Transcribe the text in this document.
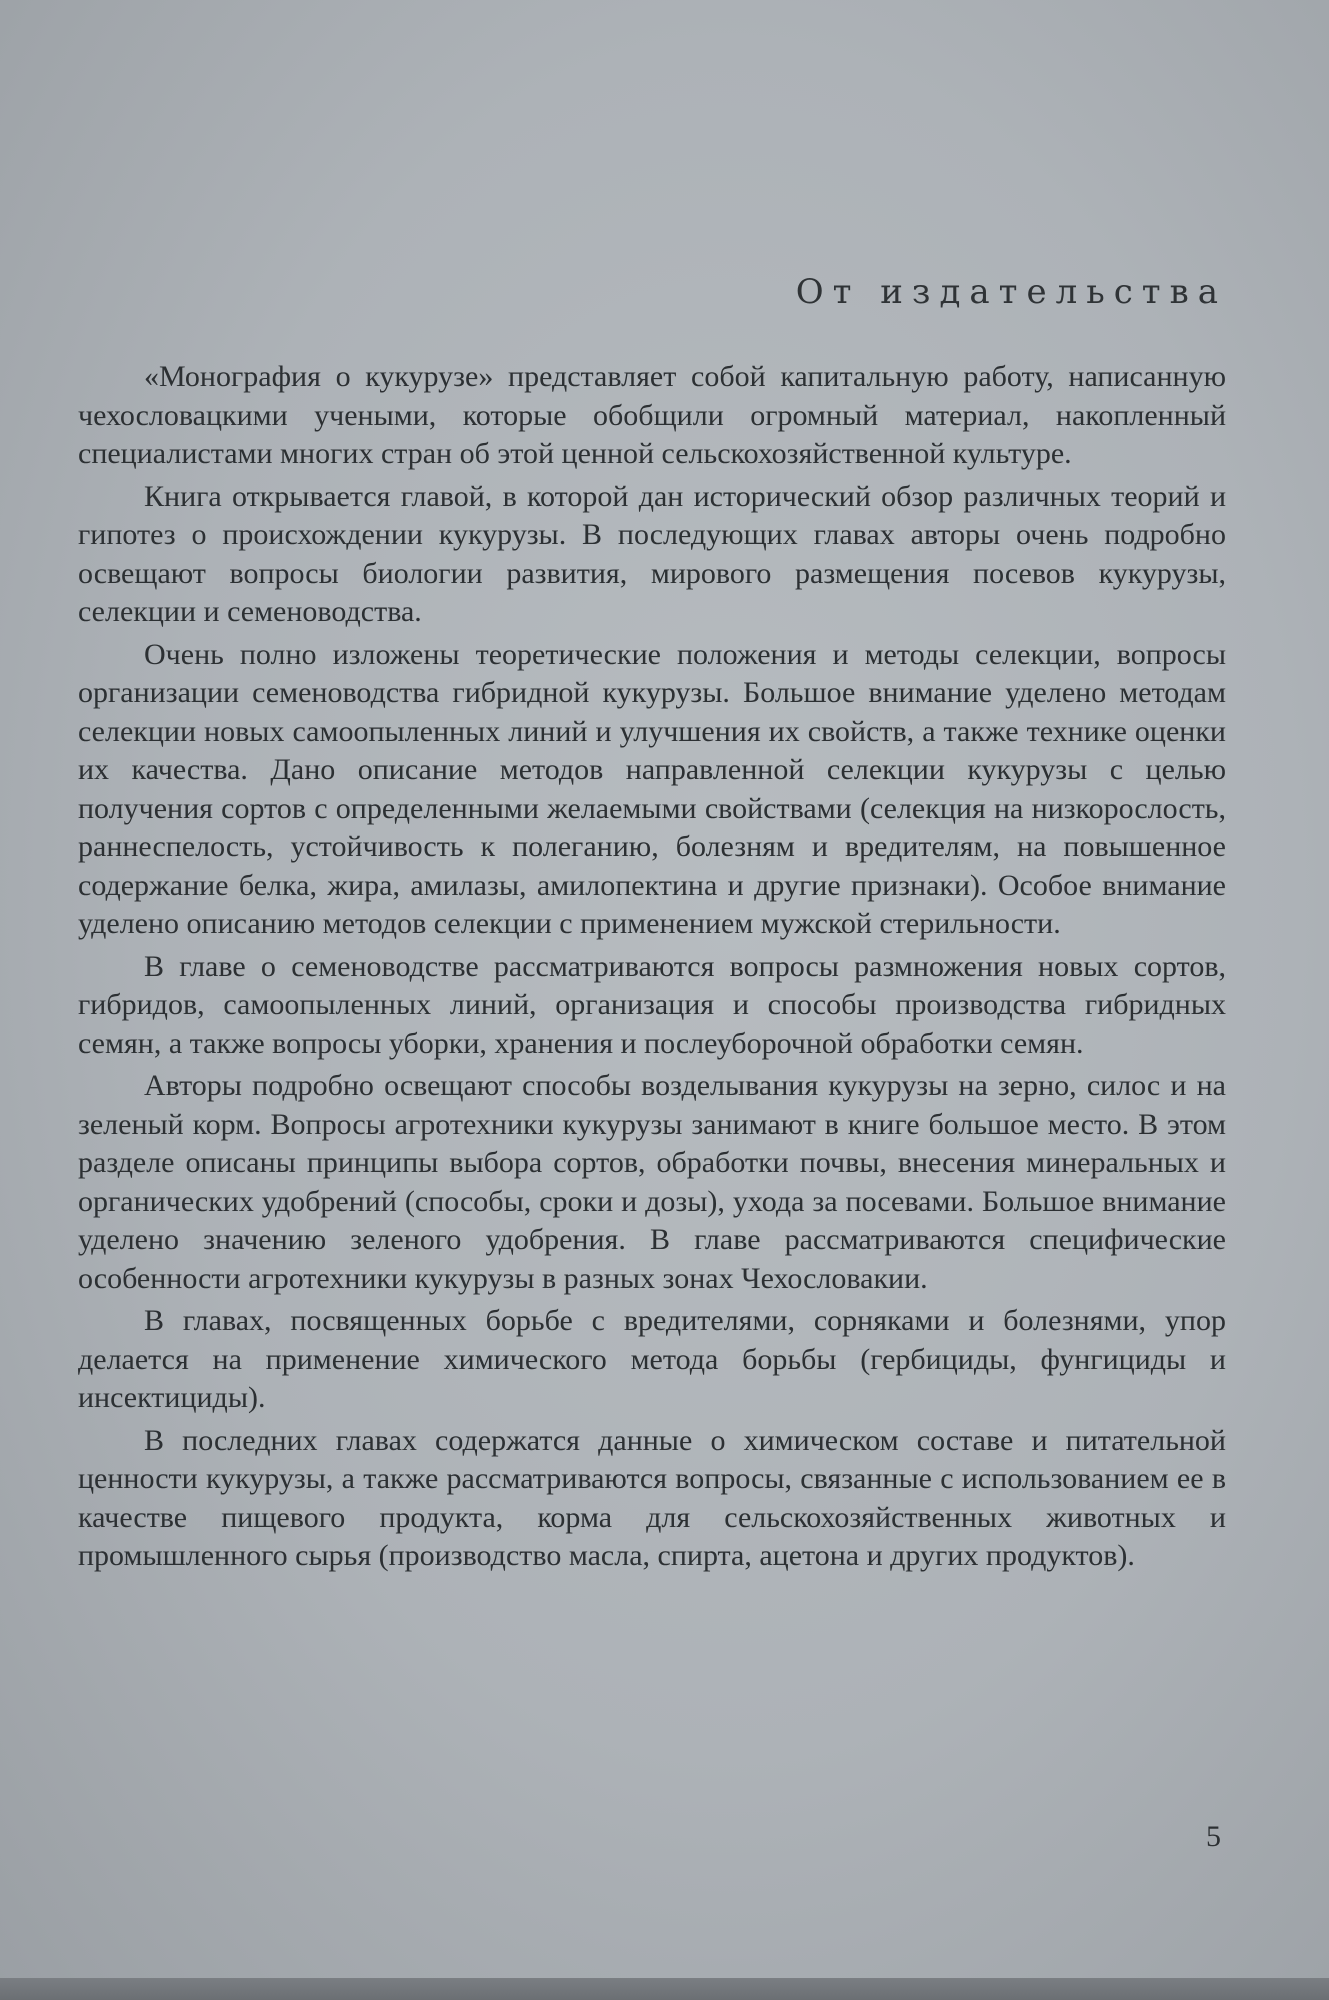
От издательства

«Монография о кукурузе» представляет собой капитальную работу, написанную чехословацкими учеными, которые обобщили огромный материал, накопленный специалистами многих стран об этой ценной сельскохозяйственной культуре.

Книга открывается главой, в которой дан исторический обзор различных теорий и гипотез о происхождении кукурузы. В последующих главах авторы очень подробно освещают вопросы биологии развития, мирового размещения посевов кукурузы, селекции и семеноводства.

Очень полно изложены теоретические положения и методы селекции, вопросы организации семеноводства гибридной кукурузы. Большое внимание уделено методам селекции новых самоопыленных линий и улучшения их свойств, а также технике оценки их качества. Дано описание методов направленной селекции кукурузы с целью получения сортов с определенными желаемыми свойствами (селекция на низкорослость, раннеспелость, устойчивость к полеганию, болезням и вредителям, на повышенное содержание белка, жира, амилазы, амилопектина и другие признаки). Особое внимание уделено описанию методов селекции с применением мужской стерильности.

В главе о семеноводстве рассматриваются вопросы размножения новых сортов, гибридов, самоопыленных линий, организация и способы производства гибридных семян, а также вопросы уборки, хранения и послеуборочной обработки семян.

Авторы подробно освещают способы возделывания кукурузы на зерно, силос и на зеленый корм. Вопросы агротехники кукурузы занимают в книге большое место. В этом разделе описаны принципы выбора сортов, обработки почвы, внесения минеральных и органических удобрений (способы, сроки и дозы), ухода за посевами. Большое внимание уделено значению зеленого удобрения. В главе рассматриваются специфические особенности агротехники кукурузы в разных зонах Чехословакии.

В главах, посвященных борьбе с вредителями, сорняками и болезнями, упор делается на применение химического метода борьбы (гербициды, фунгициды и инсектициды).

В последних главах содержатся данные о химическом составе и питательной ценности кукурузы, а также рассматриваются вопросы, связанные с использованием ее в качестве пищевого продукта, корма для сельскохозяйственных животных и промышленного сырья (производство масла, спирта, ацетона и других продуктов).

5
